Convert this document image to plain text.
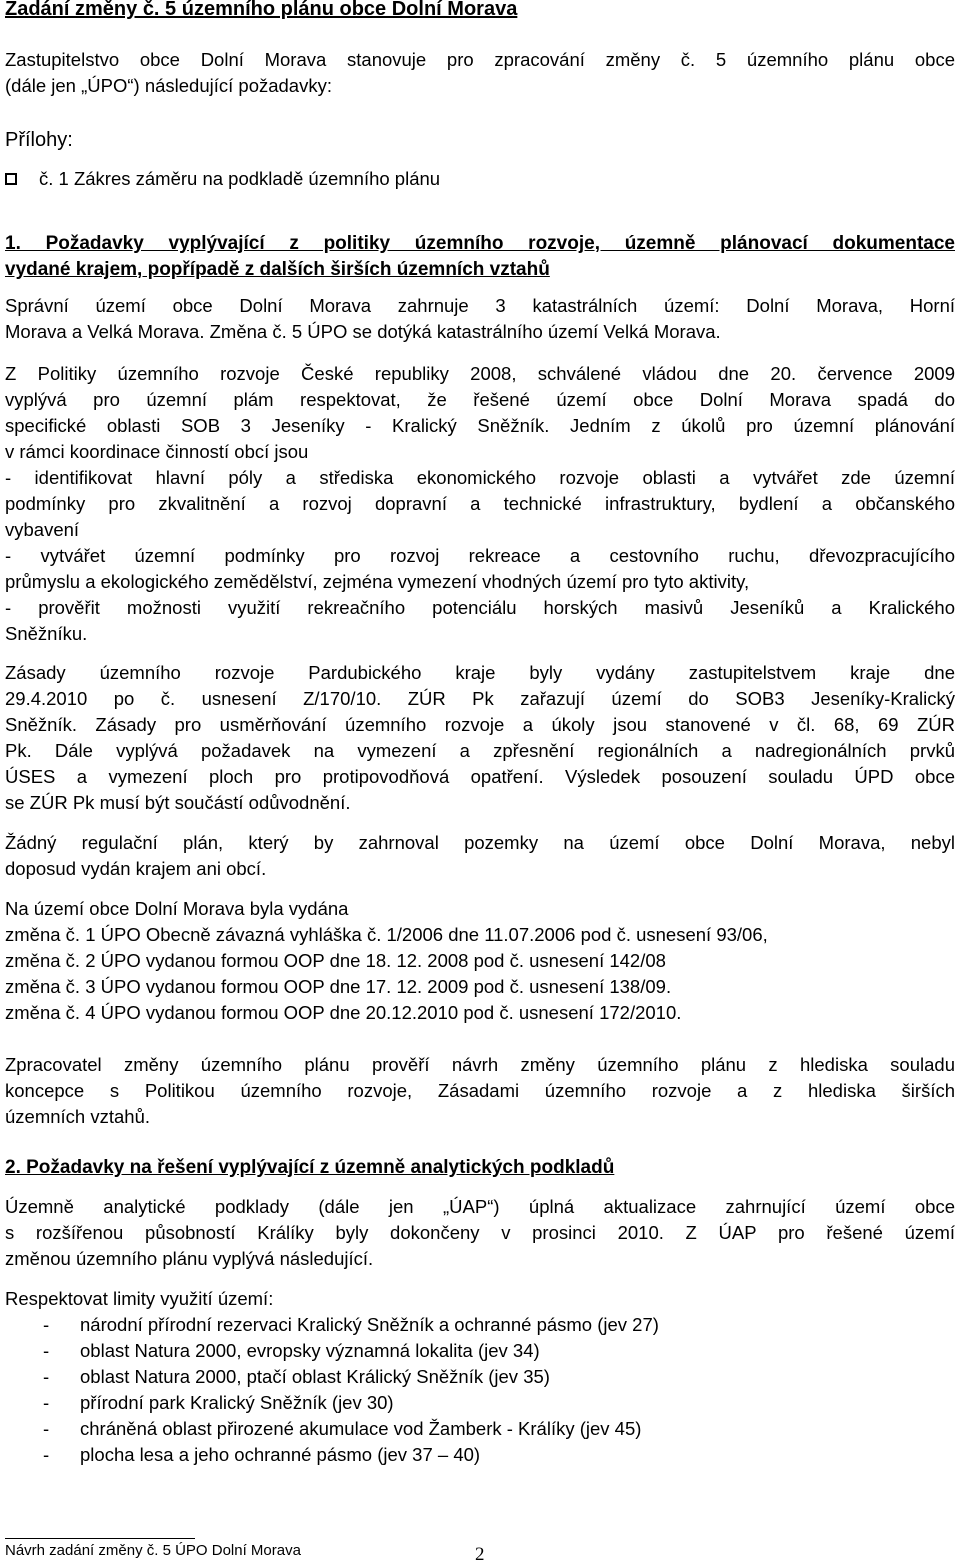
Zadání změny č. 5 územního plánu obce Dolní Morava
Zastupitelstvo obce Dolní Morava stanovuje pro zpracování změny č. 5 územního plánu obce
(dále jen „ÚPO“) následující požadavky:
Přílohy:
č. 1 Zákres záměru na podkladě územního plánu
1. Požadavky vyplývající z politiky územního rozvoje, územně plánovací dokumentace
vydané krajem, popřípadě z dalších širších územních vztahů
Správní území obce Dolní Morava zahrnuje 3 katastrálních území: Dolní Morava, Horní
Morava a Velká Morava. Změna č. 5 ÚPO se dotýká katastrálního území Velká Morava.
Z Politiky územního rozvoje České republiky 2008, schválené vládou dne 20. července 2009
vyplývá pro územní plám respektovat, že řešené území obce Dolní Morava spadá do
specifické oblasti SOB 3 Jeseníky - Kralický Sněžník. Jedním z úkolů pro územní plánování
v rámci koordinace činností obcí jsou
- identifikovat hlavní póly a střediska ekonomického rozvoje oblasti a vytvářet zde územní
podmínky pro zkvalitnění a rozvoj dopravní a technické infrastruktury, bydlení a občanského
vybavení
- vytvářet územní podmínky pro rozvoj rekreace a cestovního ruchu, dřevozpracujícího
průmyslu a ekologického zemědělství, zejména vymezení vhodných území pro tyto aktivity,
- prověřit možnosti využití rekreačního potenciálu horských masivů Jeseníků a Kralického
Sněžníku.
Zásady územního rozvoje Pardubického kraje byly vydány zastupitelstvem kraje dne
29.4.2010 po č. usnesení Z/170/10. ZÚR Pk zařazují území do SOB3 Jeseníky-Kralický
Sněžník. Zásady pro usměrňování územního rozvoje a úkoly jsou stanovené v čl. 68, 69 ZÚR
Pk. Dále vyplývá požadavek na vymezení a zpřesnění regionálních a nadregionálních prvků
ÚSES a vymezení ploch pro protipovodňová opatření. Výsledek posouzení souladu ÚPD obce
se ZÚR Pk musí být součástí odůvodnění.
Žádný regulační plán, který by zahrnoval pozemky na území obce Dolní Morava, nebyl
doposud vydán krajem ani obcí.
Na území obce Dolní Morava byla vydána
změna č. 1 ÚPO Obecně závazná vyhláška č. 1/2006 dne 11.07.2006 pod č. usnesení 93/06,
změna č. 2 ÚPO vydanou formou OOP dne 18. 12. 2008 pod č. usnesení 142/08
změna č. 3 ÚPO vydanou formou OOP dne 17. 12. 2009 pod č. usnesení 138/09.
změna č. 4 ÚPO vydanou formou OOP dne 20.12.2010 pod č. usnesení 172/2010.
Zpracovatel změny územního plánu prověří návrh změny územního plánu z hlediska souladu
koncepce s Politikou územního rozvoje, Zásadami územního rozvoje a z hlediska širších
územních vztahů.
2. Požadavky na řešení vyplývající z územně analytických podkladů
Územně analytické podklady (dále jen „ÚAP“) úplná aktualizace zahrnující území obce
s rozšířenou působností Králíky byly dokončeny v prosinci 2010. Z ÚAP pro řešené území
změnou územního plánu vyplývá následující.
Respektovat limity využití území:
- národní přírodní rezervaci Kralický Sněžník a ochranné pásmo (jev 27)
- oblast Natura 2000, evropsky významná lokalita (jev 34)
- oblast Natura 2000, ptačí oblast Králický Sněžník (jev 35)
- přírodní park Kralický Sněžník (jev 30)
- chráněná oblast přirozené akumulace vod Žamberk - Králíky (jev 45)
- plocha lesa a jeho ochranné pásmo (jev 37 – 40)
Návrh zadání změny č. 5 ÚPO Dolní Morava	2
